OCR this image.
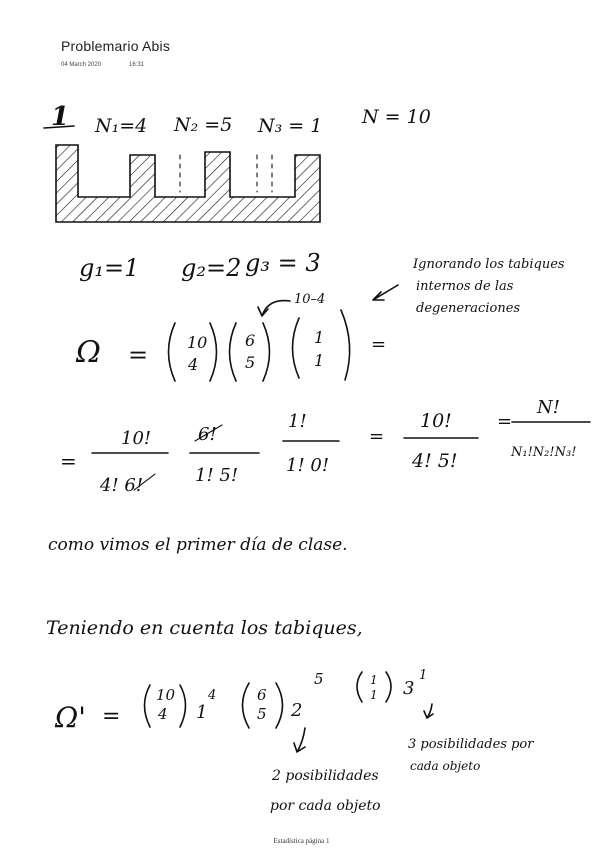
Problemario Abis
04 March 2020	16:31
1 N₁=4 N₂ =5 N₃ = 1 N = 10
g₁=1 g₂=2 g₃ = 3	Ignorando los tabiques
internos de las
degeneraciones
10–4
Ω = 10
4
6
5
1
1
=
=
10!
4! 6!
6!
1! 5!
1!
1! 0!
=
10!
4! 5!
=
N!
N₁!N₂!N₃!
como vimos el primer día de clase.
Teniendo en cuenta los tabiques,
Ω' =
10
4 1
4	6
5 2
5	1
1 3
1
2 posibilidades
por cada objeto
3 posibilidades por
cada objeto
Estadística página 1
